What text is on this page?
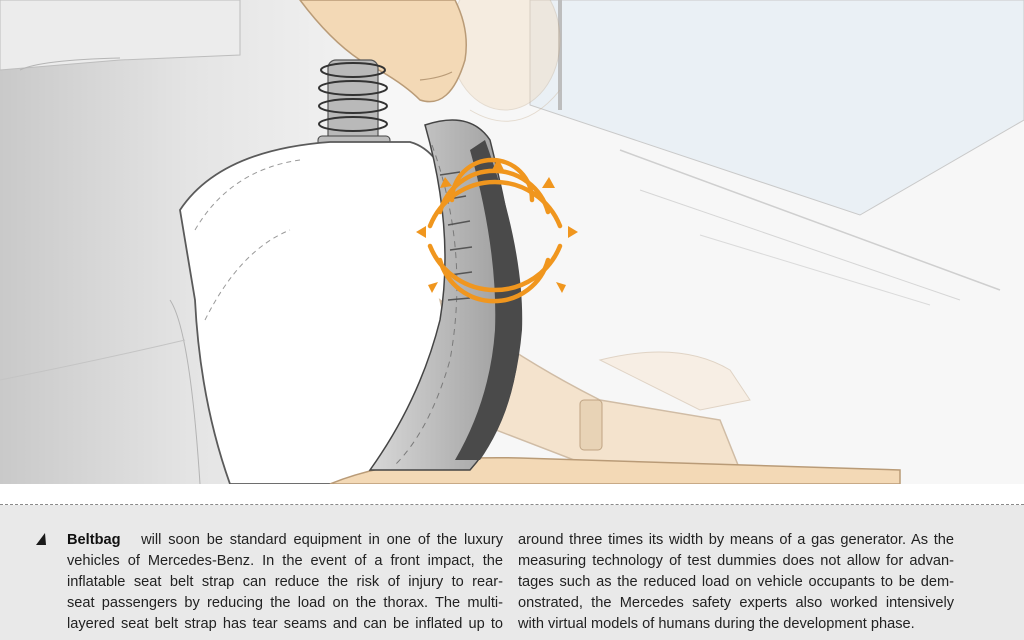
Beltbag will soon be standard equipment in one of the luxury
vehicles of Mercedes-Benz. In the event of a front impact, the
inflatable seat belt strap can reduce the risk of injury to rear-
seat passengers by reducing the load on the thorax. The multi-
layered seat belt strap has tear seams and can be inflated up to
around three times its width by means of a gas generator. As the
measuring technology of test dummies does not allow for advan-
tages such as the reduced load on vehicle occupants to be dem-
onstrated, the Mercedes safety experts also worked intensively
with virtual models of humans during the development phase.
